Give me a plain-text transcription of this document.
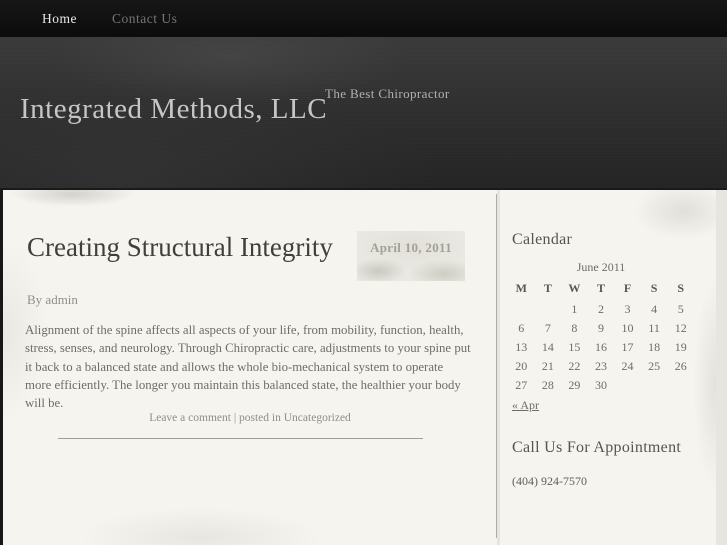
Home	Contact Us
Integrated Methods, LLC
The Best Chiropractor
Creating Structural Integrity	April 10, 2011
By admin

Alignment of the spine affects all aspects of your life, from mobility, function, health, stress, senses, and neurology. Through Chiropractic care, adjustments to your spine put it back to a balanced state and allows the whole bio-mechanical system to operate more efficiently. The longer you maintain this balanced state, the healthier your body will be.

Leave a comment | posted in Uncategorized
Calendar
June 2011
M	T	W	T	F	S	S
		1	2	3	4	5
6	7	8	9	10	11	12
13	14	15	16	17	18	19
20	21	22	23	24	25	26
27	28	29	30			
« Apr
Call Us For Appointment
(404) 924-7570
